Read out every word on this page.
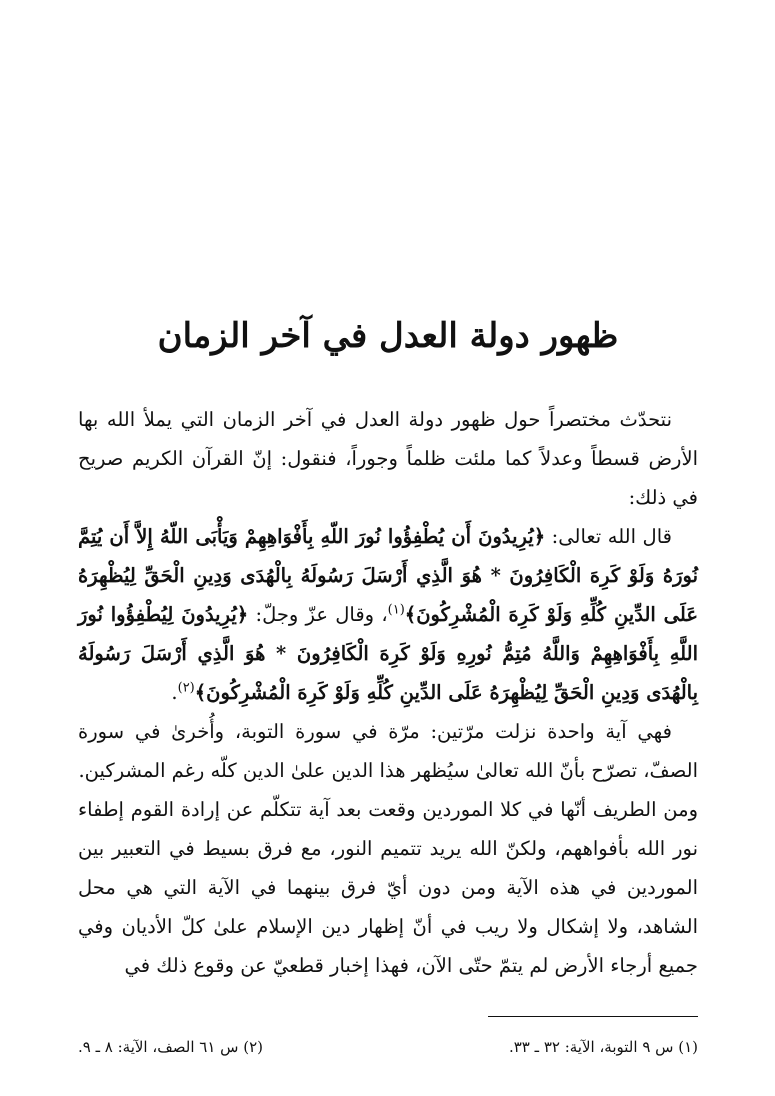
ظهور دولة العدل في آخر الزمان

نتحدّث مختصراً حول ظهور دولة العدل في آخر الزمان التي يملأ الله بها الأرض قسطاً وعدلاً كما ملئت ظلماً وجوراً، فنقول: إنّ القرآن الكريم صريح في ذلك:

قال الله تعالى: ﴿يُرِيدُونَ أَن يُطْفِؤُوا نُورَ اللّهِ بِأَفْوَاهِهِمْ وَيَأْبَى اللّهُ إِلاَّ أَن يُتِمَّ نُورَهُ وَلَوْ كَرِهَ الْكَافِرُونَ * هُوَ الَّذِي أَرْسَلَ رَسُولَهُ بِالْهُدَى وَدِينِ الْحَقِّ لِيُظْهِرَهُ عَلَى الدِّينِ كُلِّهِ وَلَوْ كَرِهَ الْمُشْرِكُونَ﴾$^{(١)}$، وقال عزّ وجلّ: ﴿يُرِيدُونَ لِيُطْفِؤُوا نُورَ اللَّهِ بِأَفْوَاهِهِمْ وَاللَّهُ مُتِمُّ نُورِهِ وَلَوْ كَرِهَ الْكَافِرُونَ * هُوَ الَّذِي أَرْسَلَ رَسُولَهُ بِالْهُدَى وَدِينِ الْحَقِّ لِيُظْهِرَهُ عَلَى الدِّينِ كُلِّهِ وَلَوْ كَرِهَ الْمُشْرِكُونَ﴾$^{(٢)}$.

فهي آية واحدة نزلت مرّتين: مرّة في سورة التوبة، وأُخرىٰ في سورة الصفّ، تصرّح بأنّ الله تعالىٰ سيُظهر هذا الدين علىٰ الدين كلّه رغم المشركين.

ومن الطريف أنّها في كلا الموردين وقعت بعد آية تتكلّم عن إرادة القوم إطفاء نور الله بأفواههم، ولكنّ الله يريد تتميم النور، مع فرق بسيط في التعبير بين الموردين في هذه الآية ومن دون أيّ فرق بينهما في الآية التي هي محل الشاهد، ولا إشكال ولا ريب في أنّ إظهار دين الإسلام علىٰ كلّ الأديان وفي جميع أرجاء الأرض لم يتمّ حتّى الآن، فهذا إخبار قطعيّ عن وقوع ذلك في

(١) س ٩ التوبة، الآية: ٣٢ ـ ٣٣.
(٢) س ٦١ الصف، الآية: ٨ ـ ٩.
